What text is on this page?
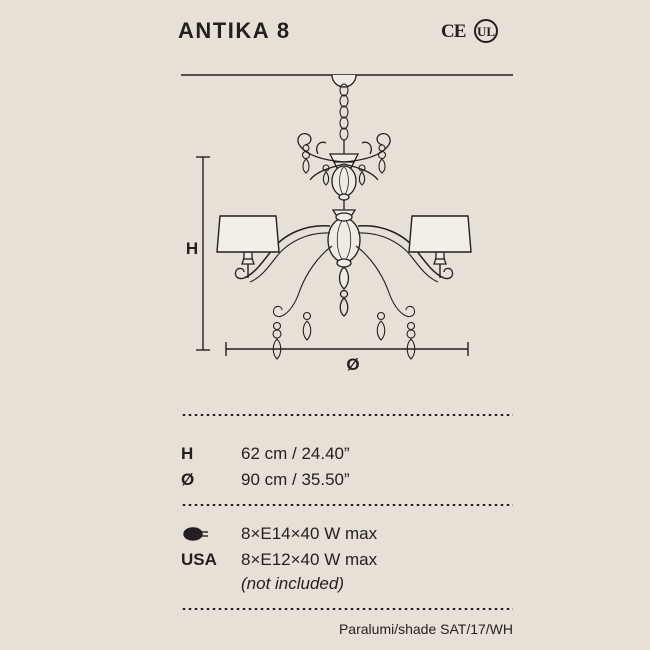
ANTIKA 8	CE UL
H
Ø
H	62 cm / 24.40”
Ø	90 cm / 35.50”
8×E14×40 W max
USA	8×E12×40 W max
(not included)
Paralumi/shade SAT/17/WH
